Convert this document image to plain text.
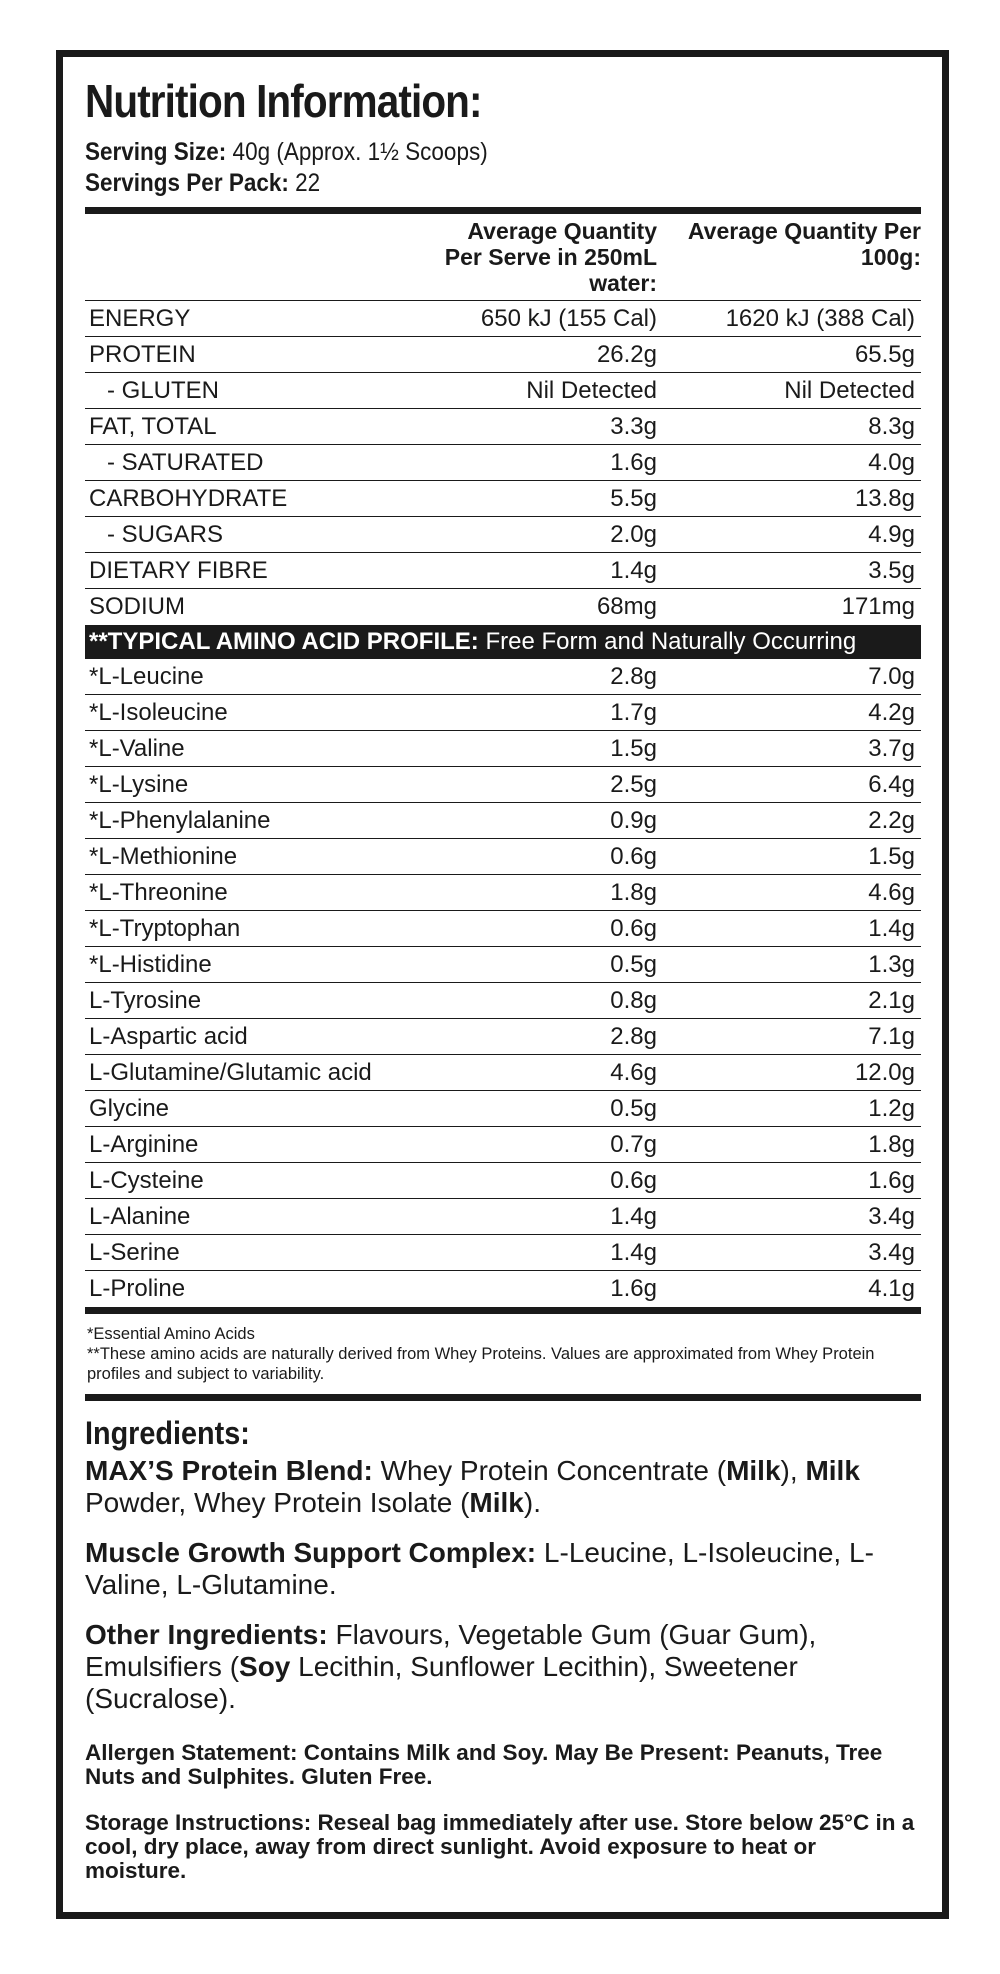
Nutrition Information:
Serving Size: 40g (Approx. 1½ Scoops)
Servings Per Pack: 22
Average Quantity Per Serve in 250mL water:
Average Quantity Per 100g:
ENERGY	650 kJ (155 Cal)	1620 kJ (388 Cal)
PROTEIN	26.2g	65.5g
- GLUTEN	Nil Detected	Nil Detected
FAT, TOTAL	3.3g	8.3g
- SATURATED	1.6g	4.0g
CARBOHYDRATE	5.5g	13.8g
- SUGARS	2.0g	4.9g
DIETARY FIBRE	1.4g	3.5g
SODIUM	68mg	171mg
**TYPICAL AMINO ACID PROFILE: Free Form and Naturally Occurring
*L-Leucine	2.8g	7.0g
*L-Isoleucine	1.7g	4.2g
*L-Valine	1.5g	3.7g
*L-Lysine	2.5g	6.4g
*L-Phenylalanine	0.9g	2.2g
*L-Methionine	0.6g	1.5g
*L-Threonine	1.8g	4.6g
*L-Tryptophan	0.6g	1.4g
*L-Histidine	0.5g	1.3g
L-Tyrosine	0.8g	2.1g
L-Aspartic acid	2.8g	7.1g
L-Glutamine/Glutamic acid	4.6g	12.0g
Glycine	0.5g	1.2g
L-Arginine	0.7g	1.8g
L-Cysteine	0.6g	1.6g
L-Alanine	1.4g	3.4g
L-Serine	1.4g	3.4g
L-Proline	1.6g	4.1g
*Essential Amino Acids
**These amino acids are naturally derived from Whey Proteins. Values are approximated from Whey Protein profiles and subject to variability.
Ingredients:
MAX’S Protein Blend: Whey Protein Concentrate (Milk), Milk Powder, Whey Protein Isolate (Milk).
Muscle Growth Support Complex: L-Leucine, L-Isoleucine, L-Valine, L-Glutamine.
Other Ingredients: Flavours, Vegetable Gum (Guar Gum), Emulsifiers (Soy Lecithin, Sunflower Lecithin), Sweetener (Sucralose).
Allergen Statement: Contains Milk and Soy. May Be Present: Peanuts, Tree Nuts and Sulphites. Gluten Free.
Storage Instructions: Reseal bag immediately after use. Store below 25°C in a cool, dry place, away from direct sunlight. Avoid exposure to heat or moisture.
